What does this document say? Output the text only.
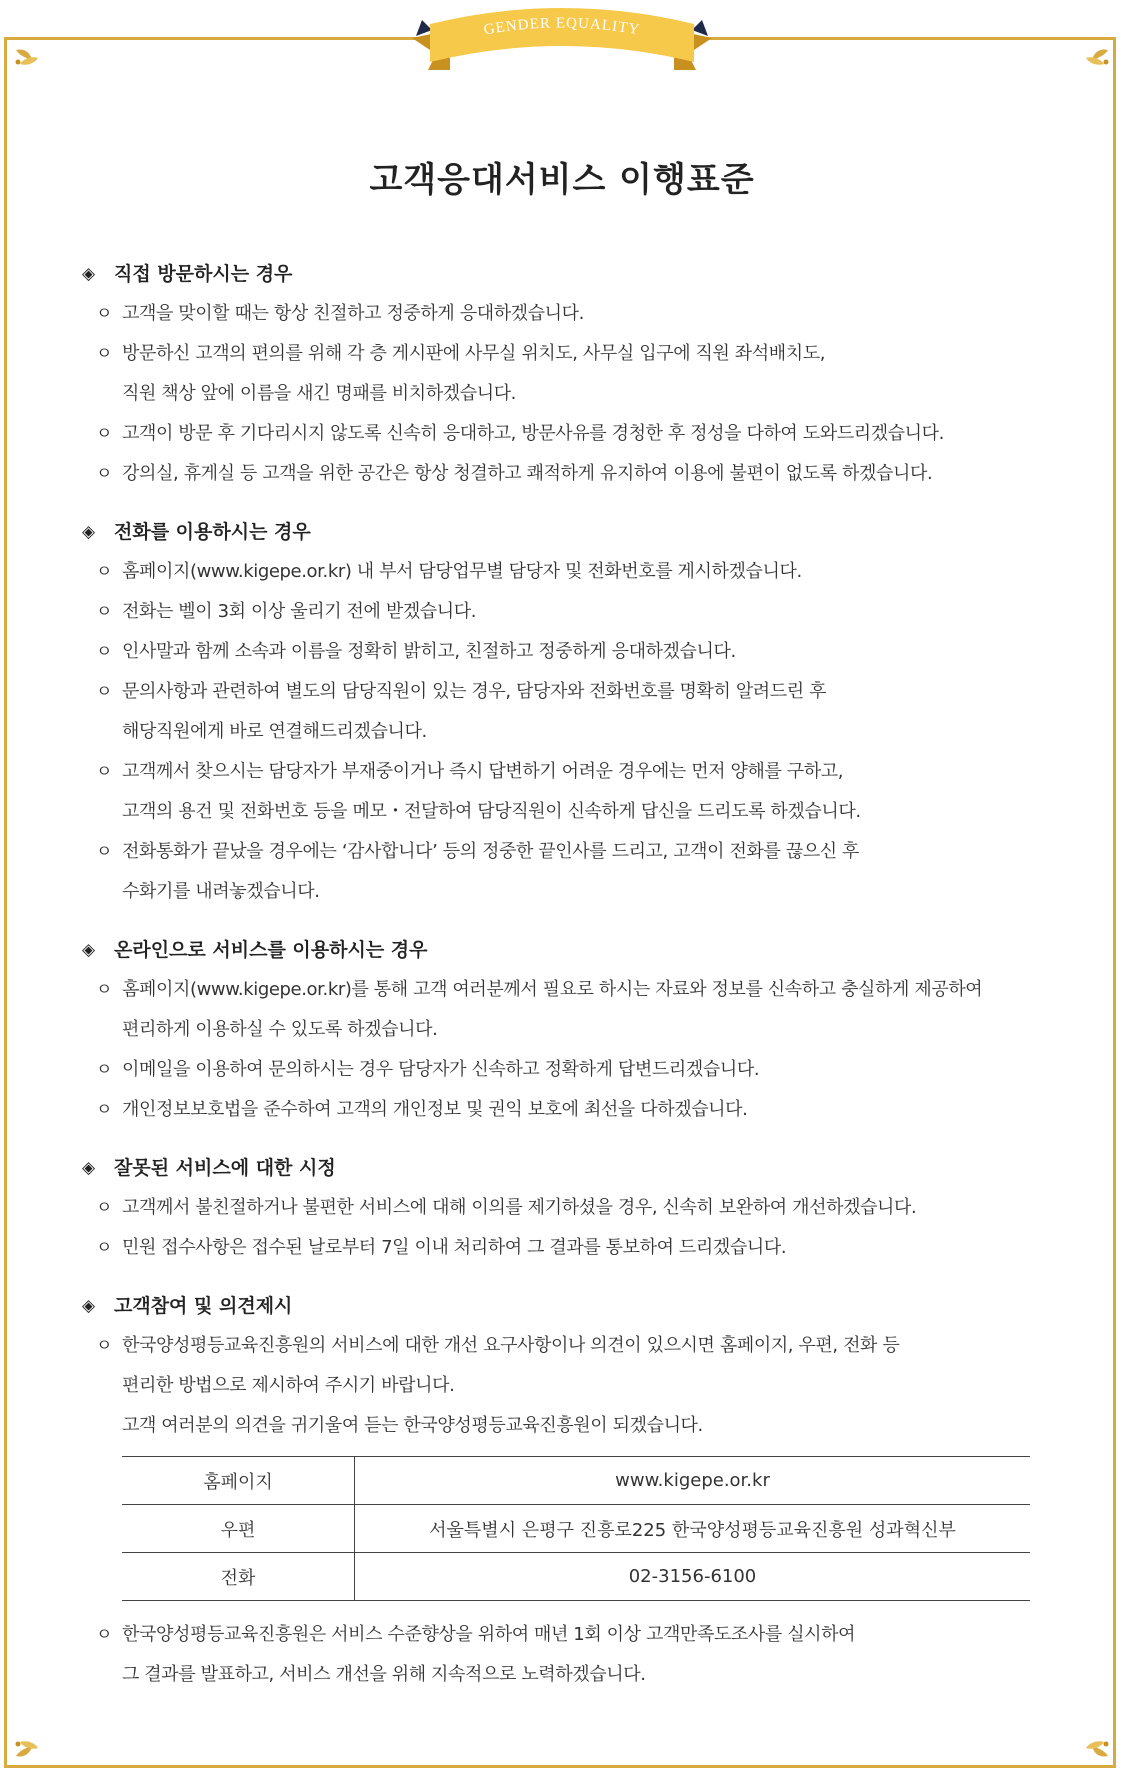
GENDER EQUALITY
고객응대서비스 이행표준
◈ 직접 방문하시는 경우
ㅇ 고객을 맞이할 때는 항상 친절하고 정중하게 응대하겠습니다.
ㅇ 방문하신 고객의 편의를 위해 각 층 게시판에 사무실 위치도, 사무실 입구에 직원 좌석배치도,
직원 책상 앞에 이름을 새긴 명패를 비치하겠습니다.
ㅇ 고객이 방문 후 기다리시지 않도록 신속히 응대하고, 방문사유를 경청한 후 정성을 다하여 도와드리겠습니다.
ㅇ 강의실, 휴게실 등 고객을 위한 공간은 항상 청결하고 쾌적하게 유지하여 이용에 불편이 없도록 하겠습니다.
◈ 전화를 이용하시는 경우
ㅇ 홈페이지(www.kigepe.or.kr) 내 부서 담당업무별 담당자 및 전화번호를 게시하겠습니다.
ㅇ 전화는 벨이 3회 이상 울리기 전에 받겠습니다.
ㅇ 인사말과 함께 소속과 이름을 정확히 밝히고, 친절하고 정중하게 응대하겠습니다.
ㅇ 문의사항과 관련하여 별도의 담당직원이 있는 경우, 담당자와 전화번호를 명확히 알려드린 후
해당직원에게 바로 연결해드리겠습니다.
ㅇ 고객께서 찾으시는 담당자가 부재중이거나 즉시 답변하기 어려운 경우에는 먼저 양해를 구하고,
고객의 용건 및 전화번호 등을 메모・전달하여 담당직원이 신속하게 답신을 드리도록 하겠습니다.
ㅇ 전화통화가 끝났을 경우에는 ‘감사합니다’ 등의 정중한 끝인사를 드리고, 고객이 전화를 끊으신 후
수화기를 내려놓겠습니다.
◈ 온라인으로 서비스를 이용하시는 경우
ㅇ 홈페이지(www.kigepe.or.kr)를 통해 고객 여러분께서 필요로 하시는 자료와 정보를 신속하고 충실하게 제공하여
편리하게 이용하실 수 있도록 하겠습니다.
ㅇ 이메일을 이용하여 문의하시는 경우 담당자가 신속하고 정확하게 답변드리겠습니다.
ㅇ 개인정보보호법을 준수하여 고객의 개인정보 및 권익 보호에 최선을 다하겠습니다.
◈ 잘못된 서비스에 대한 시정
ㅇ 고객께서 불친절하거나 불편한 서비스에 대해 이의를 제기하셨을 경우, 신속히 보완하여 개선하겠습니다.
ㅇ 민원 접수사항은 접수된 날로부터 7일 이내 처리하여 그 결과를 통보하여 드리겠습니다.
◈ 고객참여 및 의견제시
ㅇ 한국양성평등교육진흥원의 서비스에 대한 개선 요구사항이나 의견이 있으시면 홈페이지, 우편, 전화 등
편리한 방법으로 제시하여 주시기 바랍니다.
고객 여러분의 의견을 귀기울여 듣는 한국양성평등교육진흥원이 되겠습니다.
홈페이지	www.kigepe.or.kr
우편	서울특별시 은평구 진흥로225 한국양성평등교육진흥원 성과혁신부
전화	02-3156-6100
ㅇ 한국양성평등교육진흥원은 서비스 수준향상을 위하여 매년 1회 이상 고객만족도조사를 실시하여
그 결과를 발표하고, 서비스 개선을 위해 지속적으로 노력하겠습니다.
